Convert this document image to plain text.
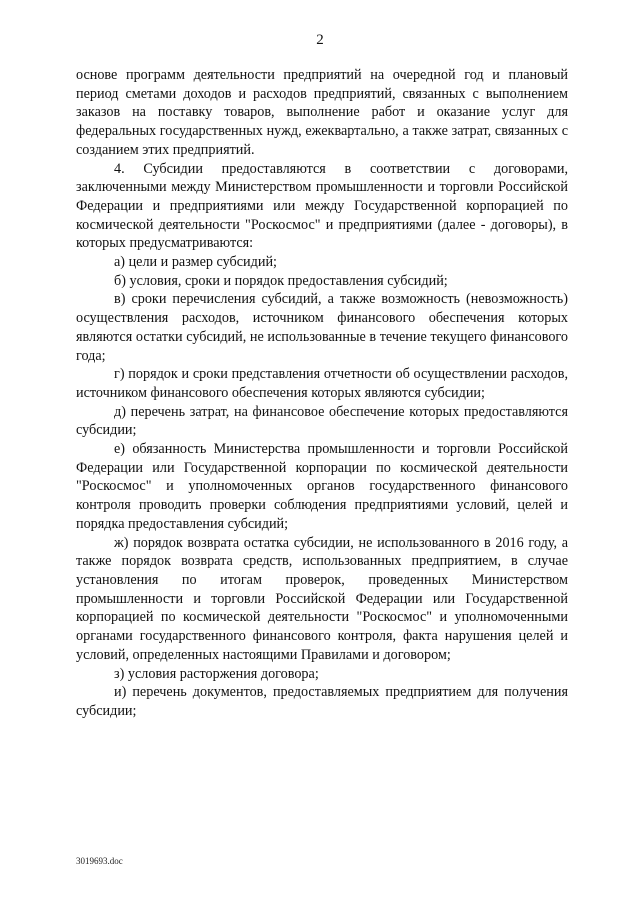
2

основе программ деятельности предприятий на очередной год и плановый период сметами доходов и расходов предприятий, связанных с выполнением заказов на поставку товаров, выполнение работ и оказание услуг для федеральных государственных нужд, ежеквартально, а также затрат, связанных с созданием этих предприятий.

4. Субсидии предоставляются в соответствии с договорами, заключенными между Министерством промышленности и торговли Российской Федерации и предприятиями или между Государственной корпорацией по космической деятельности "Роскосмос" и предприятиями (далее - договоры), в которых предусматриваются:

а) цели и размер субсидий;

б) условия, сроки и порядок предоставления субсидий;

в) сроки перечисления субсидий, а также возможность (невозможность) осуществления расходов, источником финансового обеспечения которых являются остатки субсидий, не использованные в течение текущего финансового года;

г) порядок и сроки представления отчетности об осуществлении расходов, источником финансового обеспечения которых являются субсидии;

д) перечень затрат, на финансовое обеспечение которых предоставляются субсидии;

е) обязанность Министерства промышленности и торговли Российской Федерации или Государственной корпорации по космической деятельности "Роскосмос" и уполномоченных органов государственного финансового контроля проводить проверки соблюдения предприятиями условий, целей и порядка предоставления субсидий;

ж) порядок возврата остатка субсидии, не использованного в 2016 году, а также порядок возврата средств, использованных предприятием, в случае установления по итогам проверок, проведенных Министерством промышленности и торговли Российской Федерации или Государственной корпорацией по космической деятельности "Роскосмос" и уполномоченными органами государственного финансового контроля, факта нарушения целей и условий, определенных настоящими Правилами и договором;

з) условия расторжения договора;

и) перечень документов, предоставляемых предприятием для получения субсидии;

3019693.doc
